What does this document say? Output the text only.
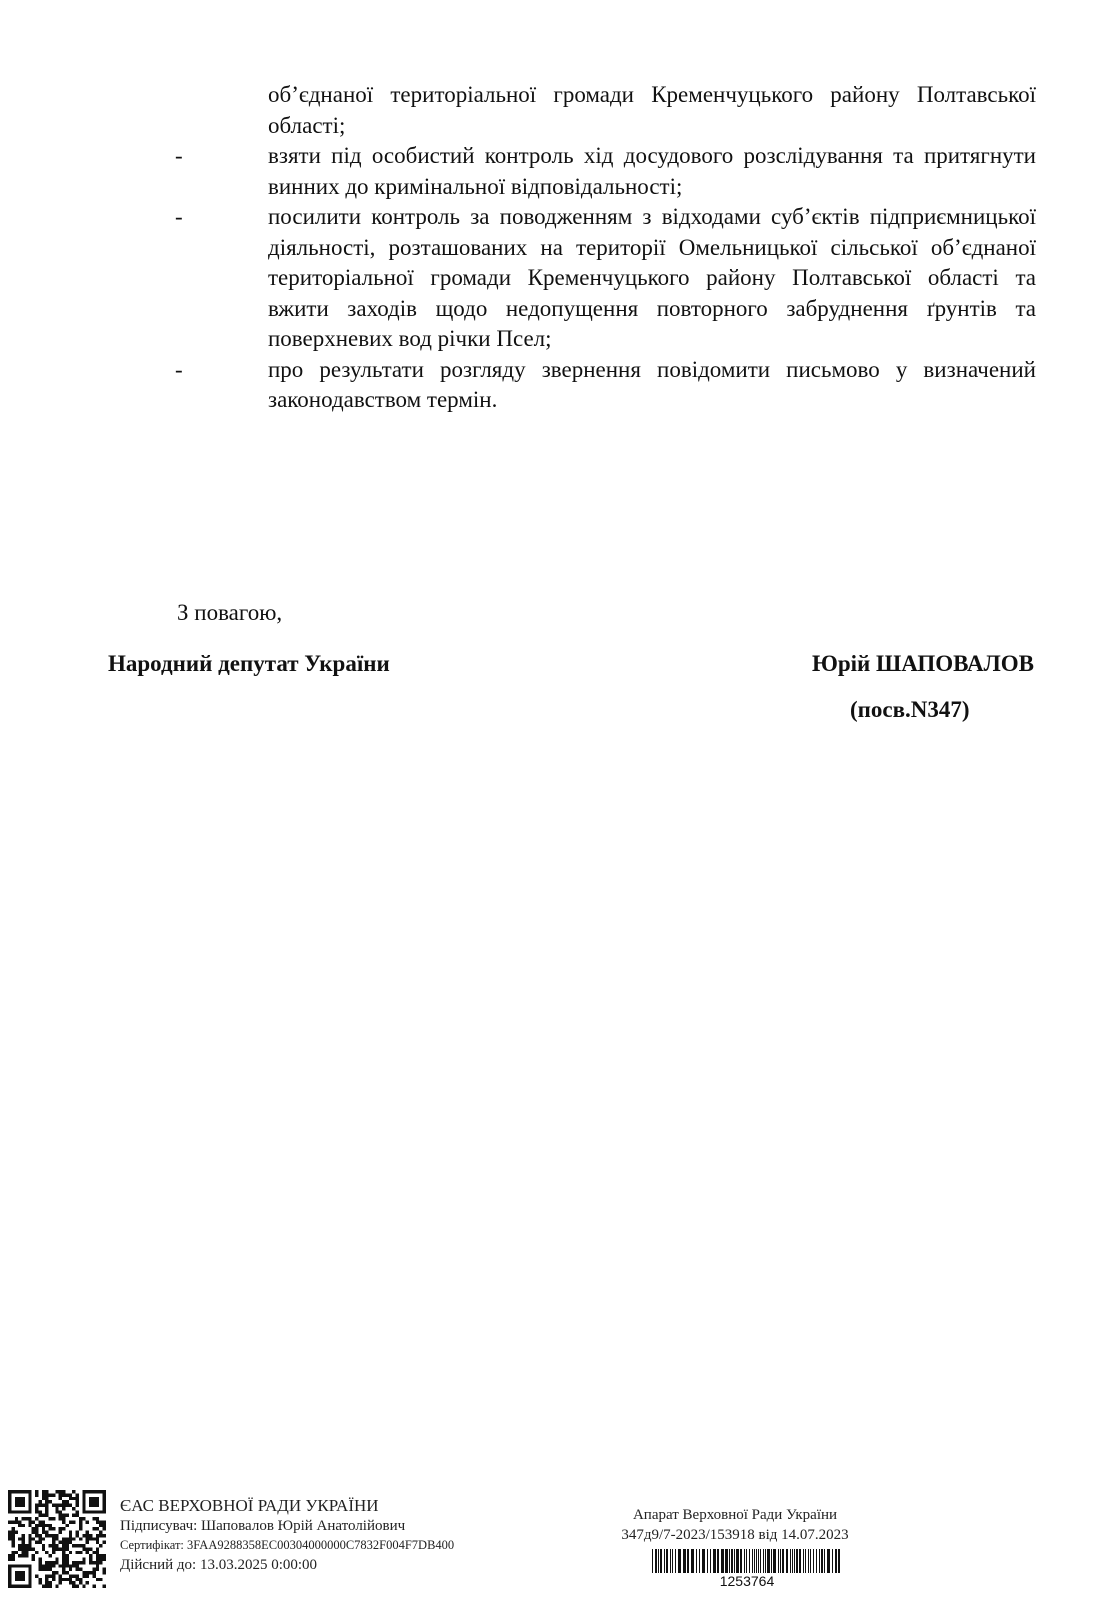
об’єднаної територіальної громади Кременчуцького району Полтавської області;

-	взяти під особистий контроль хід досудового розслідування та притягнути винних до кримінальної відповідальності;

-	посилити контроль за поводженням з відходами суб’єктів підприємницької діяльності, розташованих на території Омельницької сільської об’єднаної територіальної громади Кременчуцького району Полтавської області та вжити заходів щодо недопущення повторного забруднення ґрунтів та поверхневих вод річки Псел;

-	про результати розгляду звернення повідомити письмово у визначений законодавством термін.

З повагою,
Народний депутат України	Юрій ШАПОВАЛОВ
(посв.N347)
ЄАС ВЕРХОВНОЇ РАДИ УКРАЇНИ
Підписувач: Шаповалов Юрій Анатолійович
Сертифікат: 3FAA9288358EC00304000000C7832F004F7DB400
Дійсний до: 13.03.2025 0:00:00
Апарат Верховної Ради України
347д9/7-2023/153918 від 14.07.2023
1253764
